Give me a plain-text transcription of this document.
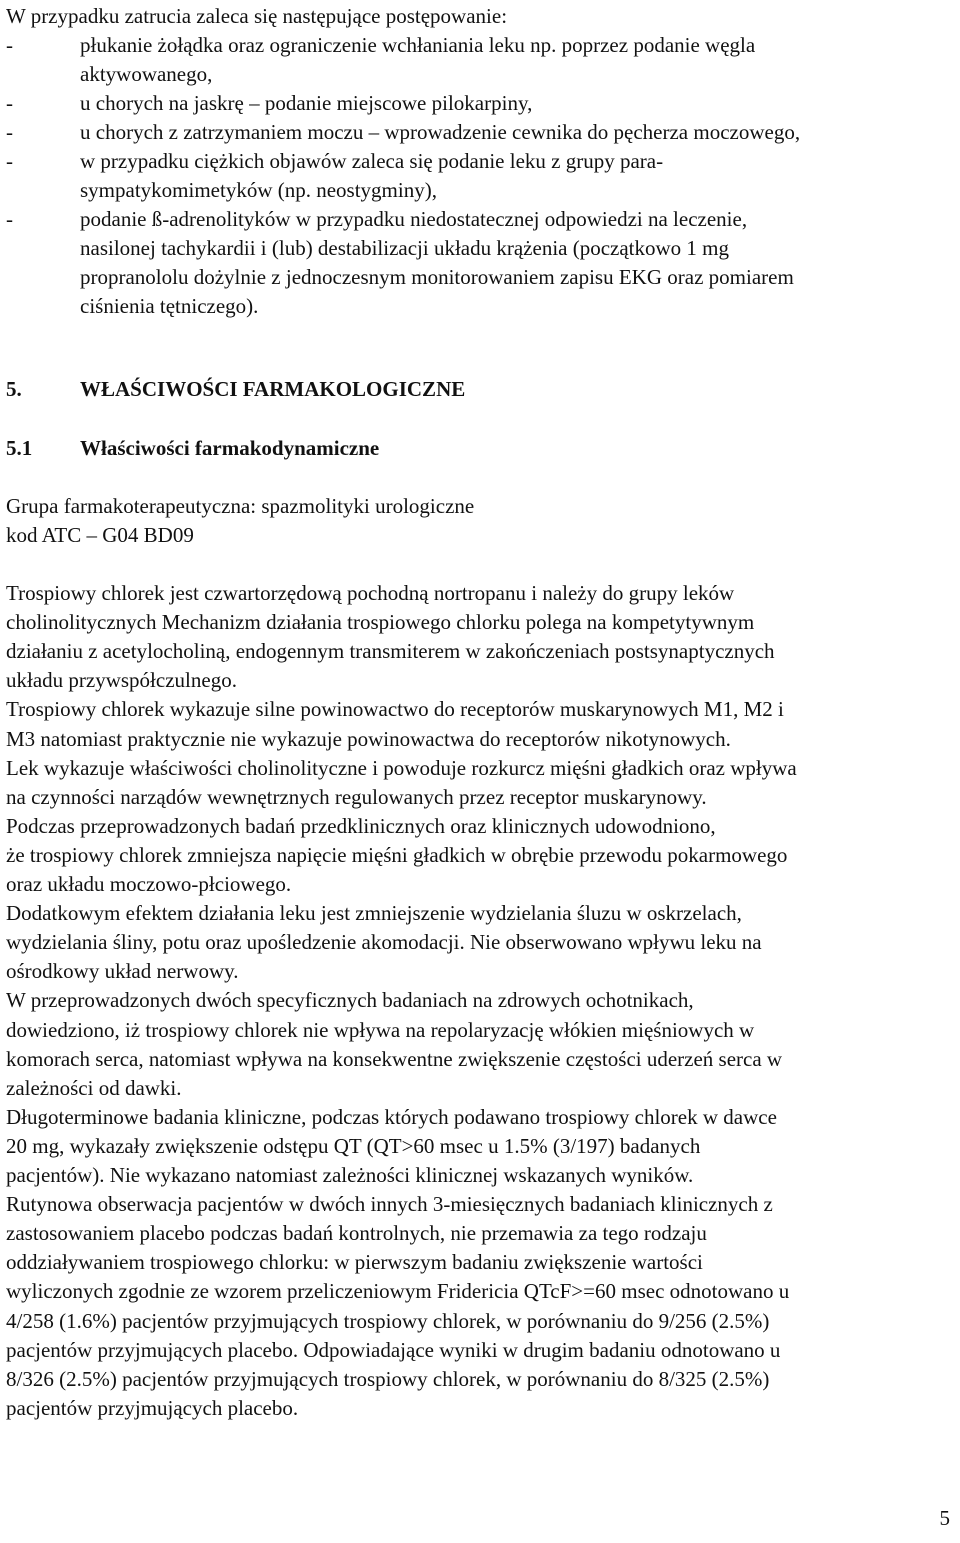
W przypadku zatrucia zaleca się następujące postępowanie:
-	płukanie żołądka oraz ograniczenie wchłaniania leku np. poprzez podanie węgla
aktywowanego,
-	u chorych na jaskrę – podanie miejscowe pilokarpiny,
-	u chorych z zatrzymaniem moczu – wprowadzenie cewnika do pęcherza moczowego,
-	w przypadku ciężkich objawów zaleca się podanie leku z grupy para-
sympatykomimetyków (np. neostygminy),
-	podanie ß-adrenolityków w przypadku niedostatecznej odpowiedzi na leczenie,
nasilonej tachykardii i (lub) destabilizacji układu krążenia (początkowo 1 mg
propranololu dożylnie z jednoczesnym monitorowaniem zapisu EKG oraz pomiarem
ciśnienia tętniczego).
5.	WŁAŚCIWOŚCI FARMAKOLOGICZNE
5.1 Właściwości farmakodynamiczne
Grupa farmakoterapeutyczna: spazmolityki urologiczne
kod ATC – G04 BD09
Trospiowy chlorek jest czwartorzędową pochodną nortropanu i należy do grupy leków
cholinolitycznych Mechanizm działania trospiowego chlorku polega na kompetytywnym
działaniu z acetylocholiną, endogennym transmiterem w zakończeniach postsynaptycznych
układu przywspółczulnego.
Trospiowy chlorek wykazuje silne powinowactwo do receptorów muskarynowych M1, M2 i
M3 natomiast praktycznie nie wykazuje powinowactwa do receptorów nikotynowych.
Lek wykazuje właściwości cholinolityczne i powoduje rozkurcz mięśni gładkich oraz wpływa
na czynności narządów wewnętrznych regulowanych przez receptor muskarynowy.
Podczas przeprowadzonych badań przedklinicznych oraz klinicznych udowodniono,
że trospiowy chlorek zmniejsza napięcie mięśni gładkich w obrębie przewodu pokarmowego
oraz układu moczowo-płciowego.
Dodatkowym efektem działania leku jest zmniejszenie wydzielania śluzu w oskrzelach,
wydzielania śliny, potu oraz upośledzenie akomodacji. Nie obserwowano wpływu leku na
ośrodkowy układ nerwowy.
W przeprowadzonych dwóch specyficznych badaniach na zdrowych ochotnikach,
dowiedziono, iż trospiowy chlorek nie wpływa na repolaryzację włókien mięśniowych w
komorach serca, natomiast wpływa na konsekwentne zwiększenie częstości uderzeń serca w
zależności od dawki.
Długoterminowe badania kliniczne, podczas których podawano trospiowy chlorek w dawce
20 mg, wykazały zwiększenie odstępu QT (QT>60 msec u 1.5% (3/197) badanych
pacjentów). Nie wykazano natomiast zależności klinicznej wskazanych wyników.
Rutynowa obserwacja pacjentów w dwóch innych 3-miesięcznych badaniach klinicznych z
zastosowaniem placebo podczas badań kontrolnych, nie przemawia za tego rodzaju
oddziaływaniem trospiowego chlorku: w pierwszym badaniu zwiększenie wartości
wyliczonych zgodnie ze wzorem przeliczeniowym Fridericia QTcF>=60 msec odnotowano u
4/258 (1.6%) pacjentów przyjmujących trospiowy chlorek, w porównaniu do 9/256 (2.5%)
pacjentów przyjmujących placebo. Odpowiadające wyniki w drugim badaniu odnotowano u
8/326 (2.5%) pacjentów przyjmujących trospiowy chlorek, w porównaniu do 8/325 (2.5%)
pacjentów przyjmujących placebo.
5
